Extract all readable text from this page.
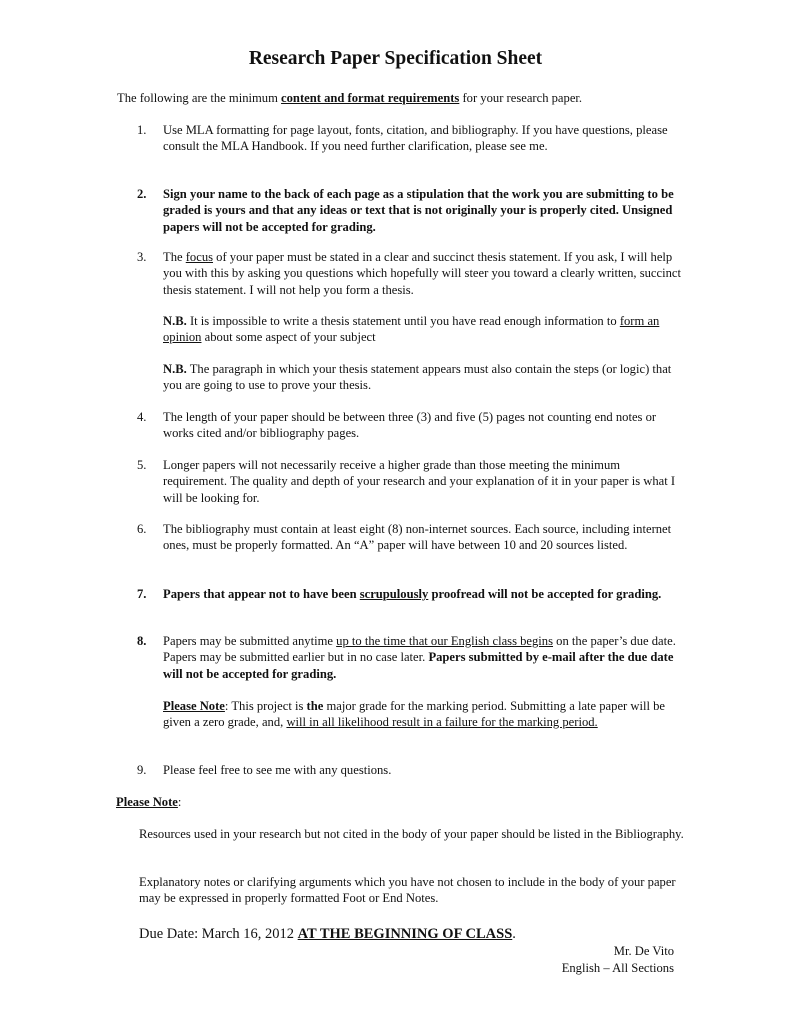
Research Paper Specification Sheet

The following are the minimum content and format requirements for your research paper.

1.	Use MLA formatting for page layout, fonts, citation, and bibliography. If you have questions, please consult the MLA Handbook. If you need further clarification, please see me.

2.	Sign your name to the back of each page as a stipulation that the work you are submitting to be graded is yours and that any ideas or text that is not originally your is properly cited. Unsigned papers will not be accepted for grading.

3.	The focus of your paper must be stated in a clear and succinct thesis statement. If you ask, I will help you with this by asking you questions which hopefully will steer you toward a clearly written, succinct thesis statement. I will not help you form a thesis.

N.B. It is impossible to write a thesis statement until you have read enough information to form an opinion about some aspect of your subject

N.B. The paragraph in which your thesis statement appears must also contain the steps (or logic) that you are going to use to prove your thesis.

4.	The length of your paper should be between three (3) and five (5) pages not counting end notes or works cited and/or bibliography pages.

5.	Longer papers will not necessarily receive a higher grade than those meeting the minimum requirement. The quality and depth of your research and your explanation of it in your paper is what I will be looking for.

6.	The bibliography must contain at least eight (8) non-internet sources. Each source, including internet ones, must be properly formatted. An “A” paper will have between 10 and 20 sources listed.

7.	Papers that appear not to have been scrupulously proofread will not be accepted for grading.

8.	Papers may be submitted anytime up to the time that our English class begins on the paper’s due date. Papers may be submitted earlier but in no case later. Papers submitted by e-mail after the due date will not be accepted for grading.

Please Note: This project is the major grade for the marking period. Submitting a late paper will be given a zero grade, and, will in all likelihood result in a failure for the marking period.

9.	Please feel free to see me with any questions.

Please Note:

Resources used in your research but not cited in the body of your paper should be listed in the Bibliography.

Explanatory notes or clarifying arguments which you have not chosen to include in the body of your paper may be expressed in properly formatted Foot or End Notes.

Due Date: March 16, 2012 AT THE BEGINNING OF CLASS.

Mr. De Vito

English – All Sections
